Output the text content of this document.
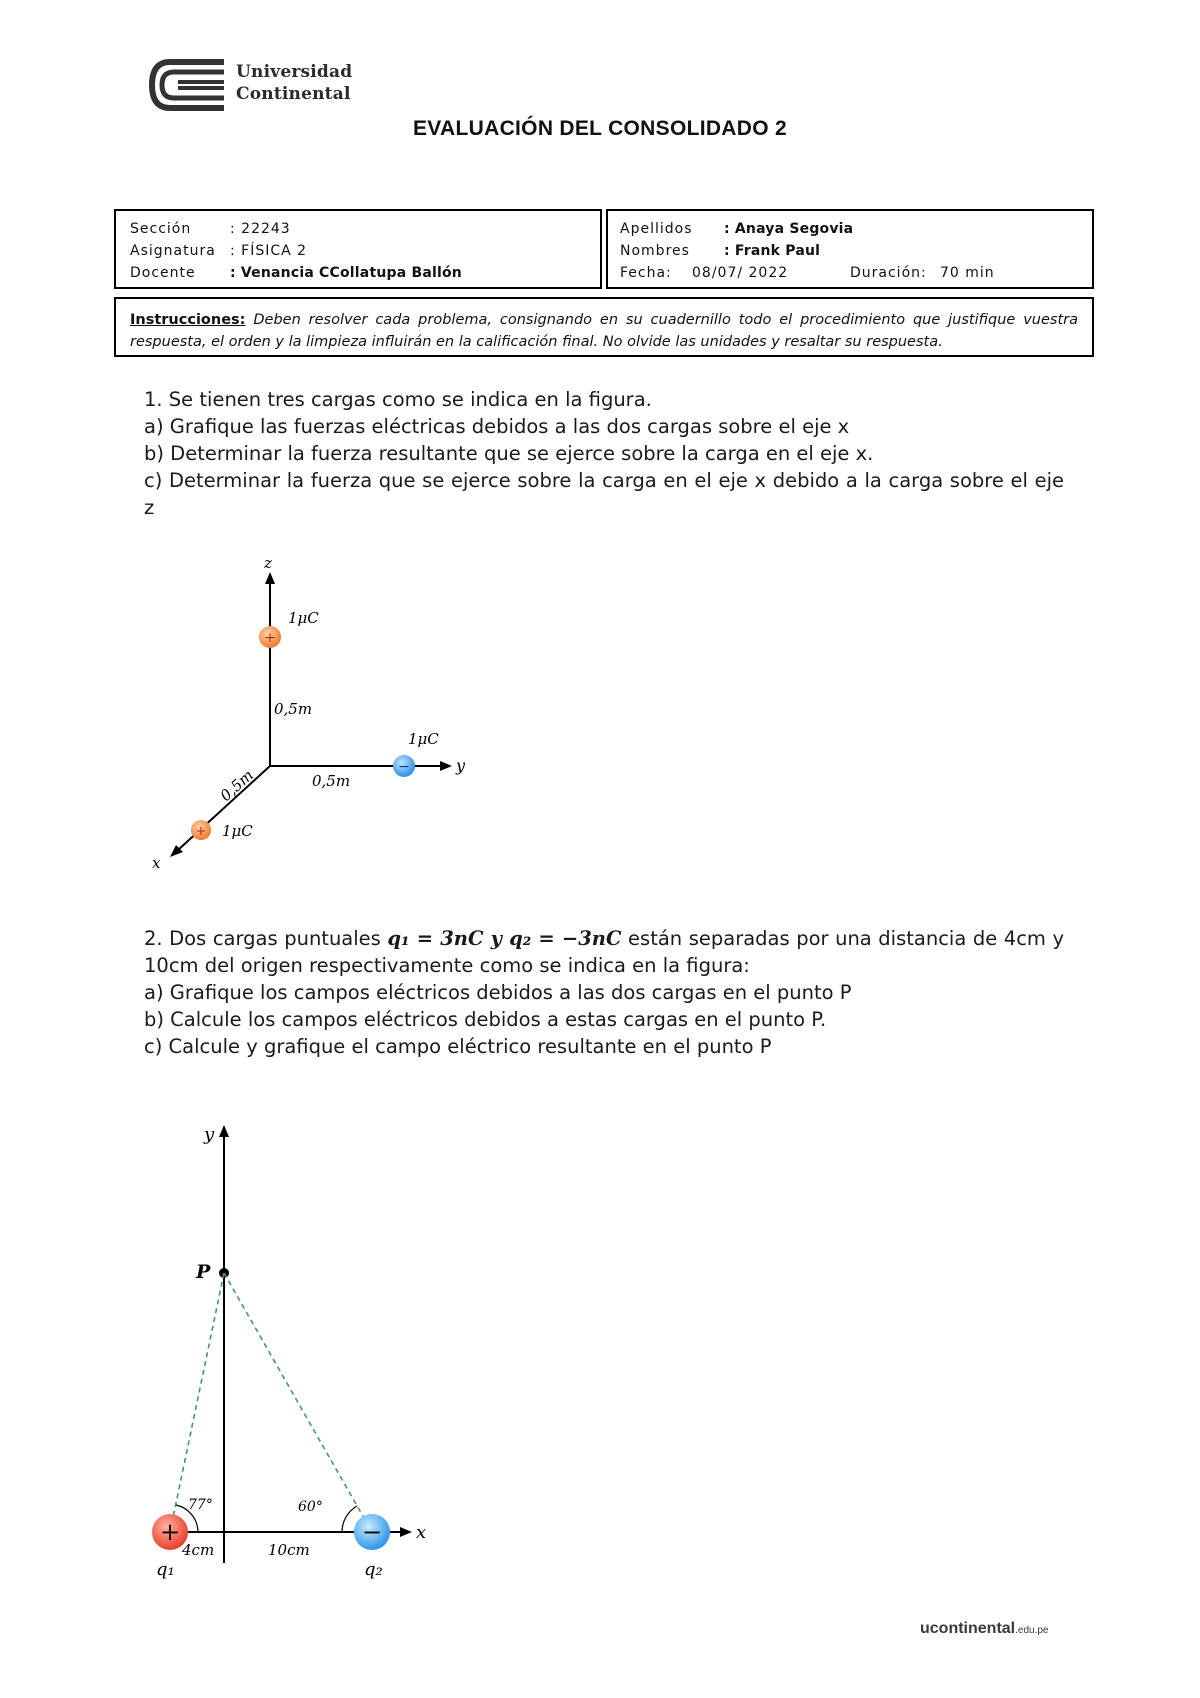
Universidad
Continental
EVALUACIÓN DEL CONSOLIDADO 2
Sección	: 22243
Asignatura : FÍSICA 2
Docente : Venancia CCollatupa Ballón
Apellidos : Anaya Segovia
Nombres : Frank Paul
Fecha: 08/07/ 2022	Duración: 70 min
Instrucciones: Deben resolver cada problema, consignando en su cuadernillo todo el procedimiento que justifique vuestra respuesta, el orden y la limpieza influirán en la calificación final. No olvide las unidades y resaltar su respuesta.

1. Se tienen tres cargas como se indica en la figura.

a) Grafique las fuerzas eléctricas debidos a las dos cargas sobre el eje x

b) Determinar la fuerza resultante que se ejerce sobre la carga en el eje x.

c) Determinar la fuerza que se ejerce sobre la carga en el eje x debido a la carga sobre el eje z

z
y
x
+
1μC
0,5m
−
1μC
0,5m
+ 1μC
0,5m

2. Dos cargas puntuales q₁ = 3nC y q₂ = −3nC están separadas por una distancia de 4cm y 10cm del origen respectivamente como se indica en la figura:

a) Grafique los campos eléctricos debidos a las dos cargas en el punto P

b) Calcule los campos eléctricos debidos a estas cargas en el punto P.

c) Calcule y grafique el campo eléctrico resultante en el punto P

y
x
P
77°	60°
+	−
4cm	10cm
q₁	q₂
ucontinental.edu.pe
